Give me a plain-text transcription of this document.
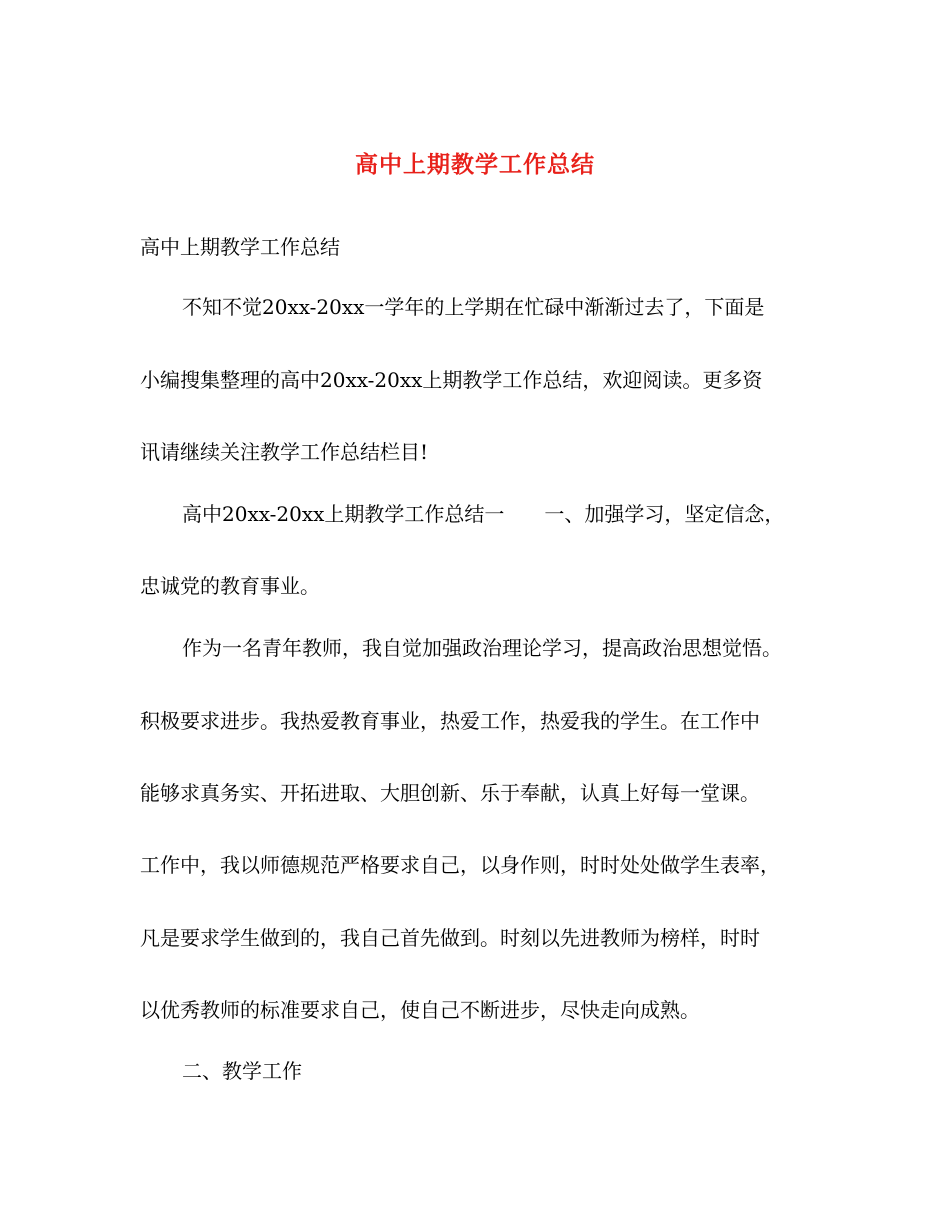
高中上期教学工作总结
高中上期教学工作总结
不知不觉20xx-20xx一学年的上学期在忙碌中渐渐过去了，下面是
小编搜集整理的高中20xx-20xx上期教学工作总结，欢迎阅读。更多资
讯请继续关注教学工作总结栏目!
高中20xx-20xx上期教学工作总结一　　一、加强学习，坚定信念，
忠诚党的教育事业。
作为一名青年教师，我自觉加强政治理论学习，提高政治思想觉悟。
积极要求进步。我热爱教育事业，热爱工作，热爱我的学生。在工作中
能够求真务实、开拓进取、大胆创新、乐于奉献，认真上好每一堂课。
工作中，我以师德规范严格要求自己，以身作则，时时处处做学生表率，
凡是要求学生做到的，我自己首先做到。时刻以先进教师为榜样，时时
以优秀教师的标准要求自己，使自己不断进步，尽快走向成熟。
二、教学工作
